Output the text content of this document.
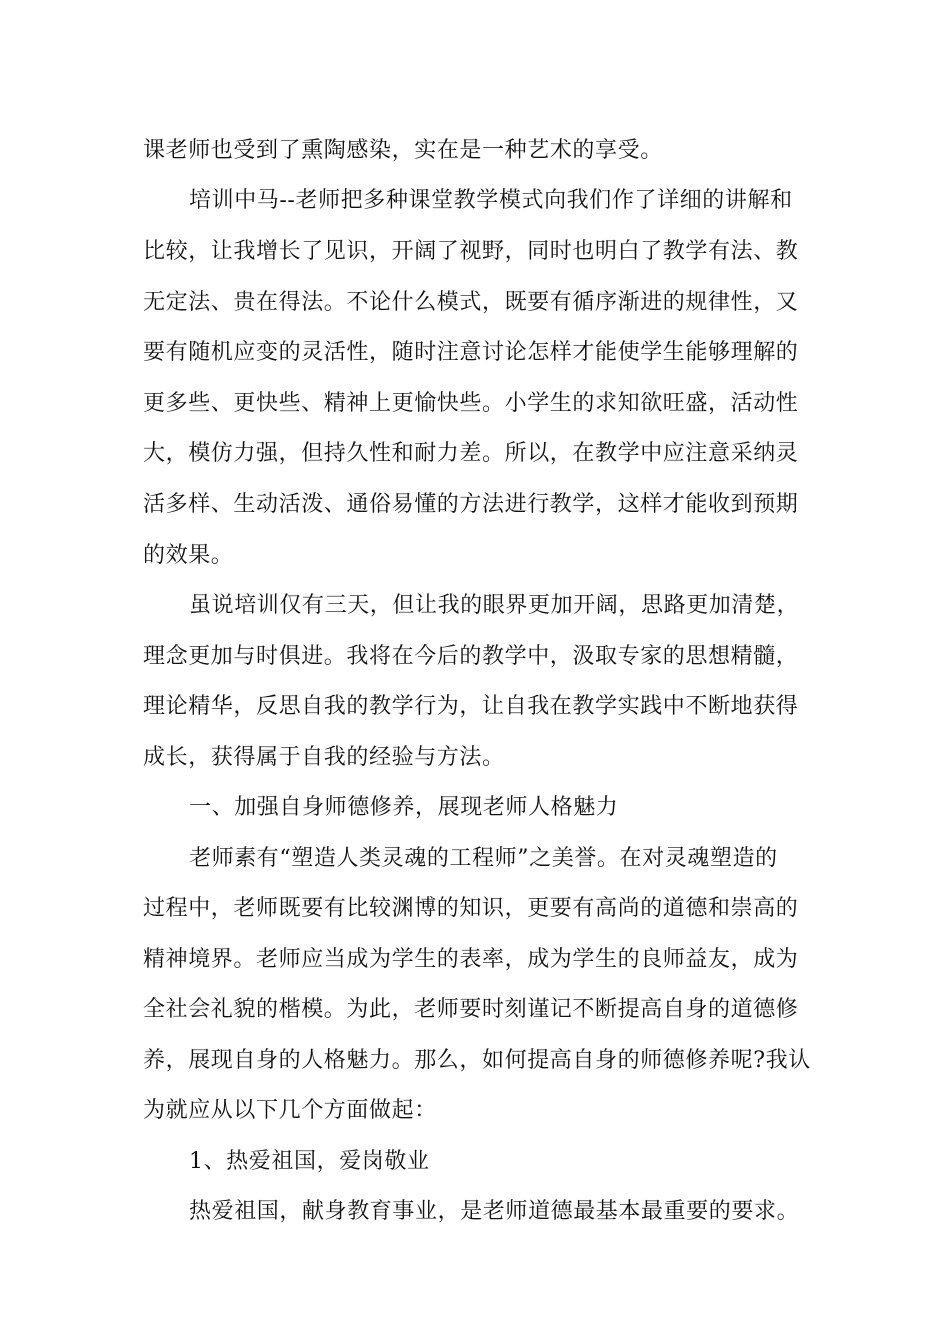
课老师也受到了熏陶感染，实在是一种艺术的享受。
培训中马--老师把多种课堂教学模式向我们作了详细的讲解和
比较，让我增长了见识，开阔了视野，同时也明白了教学有法、教
无定法、贵在得法。不论什么模式，既要有循序渐进的规律性，又
要有随机应变的灵活性，随时注意讨论怎样才能使学生能够理解的
更多些、更快些、精神上更愉快些。小学生的求知欲旺盛，活动性
大，模仿力强，但持久性和耐力差。所以，在教学中应注意采纳灵
活多样、生动活泼、通俗易懂的方法进行教学，这样才能收到预期
的效果。
虽说培训仅有三天，但让我的眼界更加开阔，思路更加清楚，
理念更加与时俱进。我将在今后的教学中，汲取专家的思想精髓，
理论精华，反思自我的教学行为，让自我在教学实践中不断地获得
成长，获得属于自我的经验与方法。
一、加强自身师德修养，展现老师人格魅力
老师素有“塑造人类灵魂的工程师”之美誉。在对灵魂塑造的
过程中，老师既要有比较渊博的知识，更要有高尚的道德和崇高的
精神境界。老师应当成为学生的表率，成为学生的良师益友，成为
全社会礼貌的楷模。为此，老师要时刻谨记不断提高自身的道德修
养，展现自身的人格魅力。那么，如何提高自身的师德修养呢?我认
为就应从以下几个方面做起：
1、热爱祖国，爱岗敬业
热爱祖国，献身教育事业，是老师道德最基本最重要的要求。
